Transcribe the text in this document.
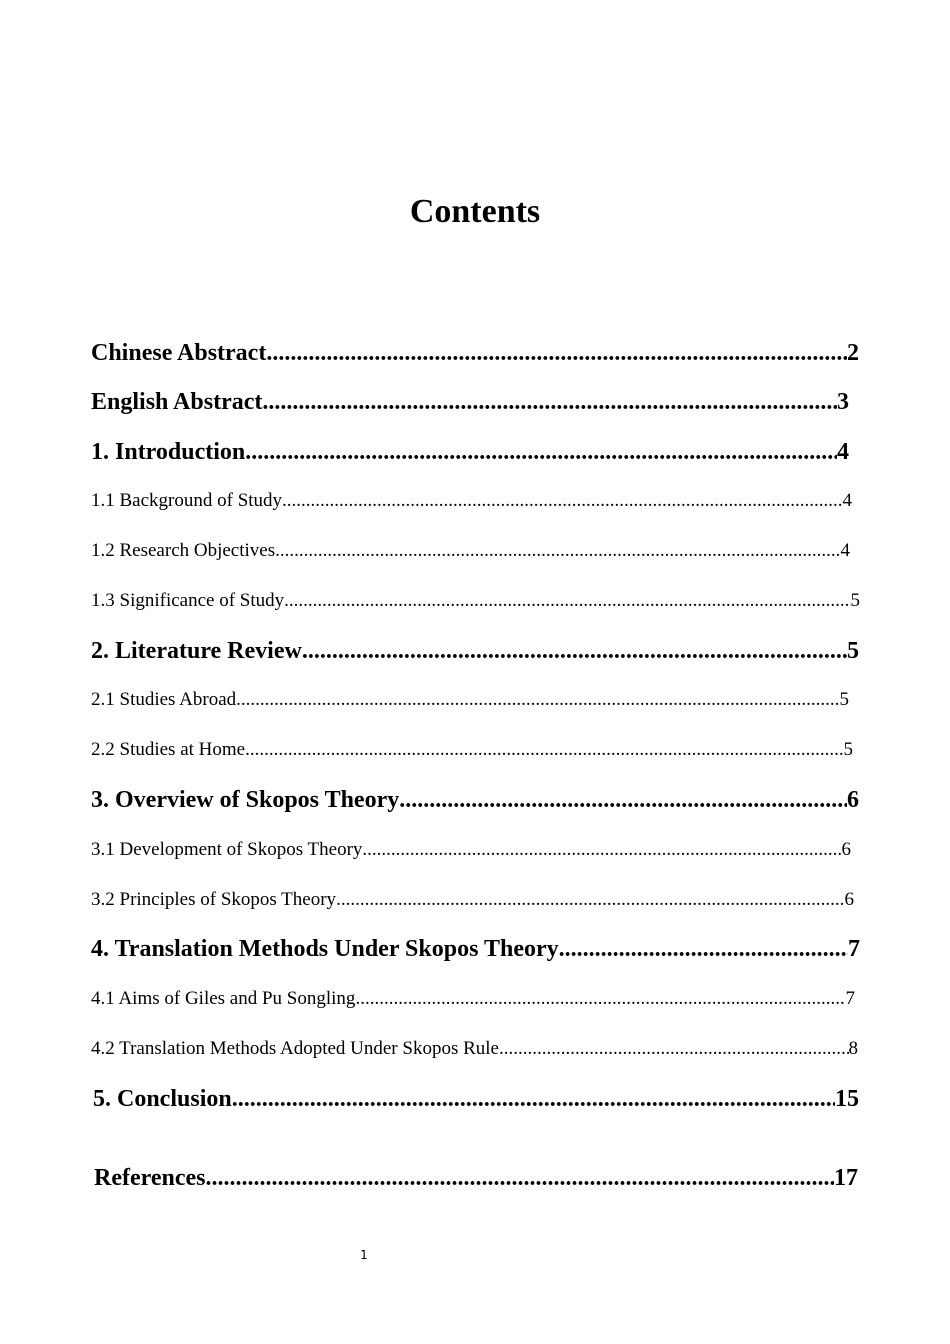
Contents
Chinese Abstract .....	2
English Abstract .....	3
1. Introduction .....	4
1.1 Background of Study .....	4
1.2 Research Objectives .....	4
1.3 Significance of Study .....	5
2. Literature Review .....	5
2.1 Studies Abroad .....	5
2.2 Studies at Home .....	5
3. Overview of Skopos Theory .....	6
3.1 Development of Skopos Theory .....	6
3.2 Principles of Skopos Theory .....	6
4. Translation Methods Under Skopos Theory .....	7
4.1 Aims of Giles and Pu Songling .....	7
4.2 Translation Methods Adopted Under Skopos Rule .....	8
5. Conclusion .....	15
References .....	17
1
